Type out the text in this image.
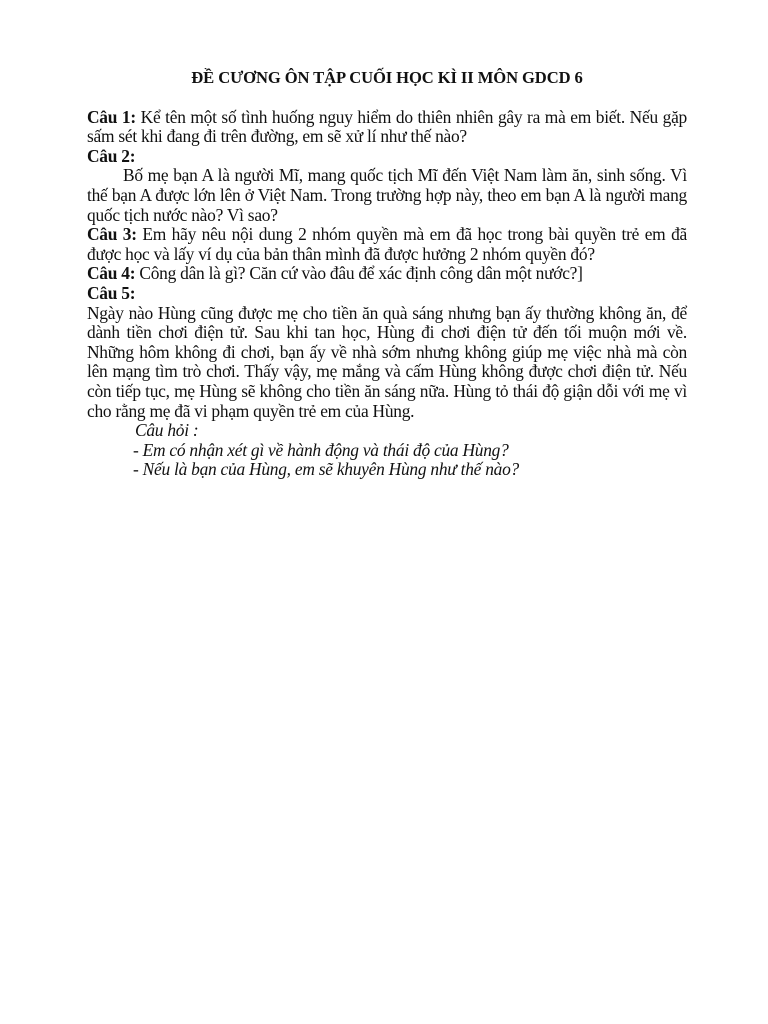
ĐỀ CƯƠNG ÔN TẬP CUỐI HỌC KÌ II MÔN GDCD 6

Câu 1: Kể tên một số tình huống nguy hiểm do thiên nhiên gây ra mà em biết. Nếu gặp sấm sét khi đang đi trên đường, em sẽ xử lí như thế nào?

Câu 2:

Bố mẹ bạn A là người Mĩ, mang quốc tịch Mĩ đến Việt Nam làm ăn, sinh sống. Vì thế bạn A được lớn lên ở Việt Nam. Trong trường hợp này, theo em bạn A là người mang quốc tịch nước nào? Vì sao?

Câu 3: Em hãy nêu nội dung 2 nhóm quyền mà em đã học trong bài quyền trẻ em đã được học và lấy ví dụ của bản thân mình đã được hưởng 2 nhóm quyền đó?

Câu 4: Công dân là gì? Căn cứ vào đâu để xác định công dân một nước?]

Câu 5:

Ngày nào Hùng cũng được mẹ cho tiền ăn quà sáng nhưng bạn ấy thường không ăn, để dành tiền chơi điện tử. Sau khi tan học, Hùng đi chơi điện tử đến tối muộn mới về. Những hôm không đi chơi, bạn ấy về nhà sớm nhưng không giúp mẹ việc nhà mà còn lên mạng tìm trò chơi. Thấy vậy, mẹ mắng và cấm Hùng không được chơi điện tử. Nếu còn tiếp tục, mẹ Hùng sẽ không cho tiền ăn sáng nữa. Hùng tỏ thái độ giận dỗi với mẹ vì cho rằng mẹ đã vi phạm quyền trẻ em của Hùng.

Câu hỏi :

- Em có nhận xét gì về hành động và thái độ của Hùng?

- Nếu là bạn của Hùng, em sẽ khuyên Hùng như thế nào?
